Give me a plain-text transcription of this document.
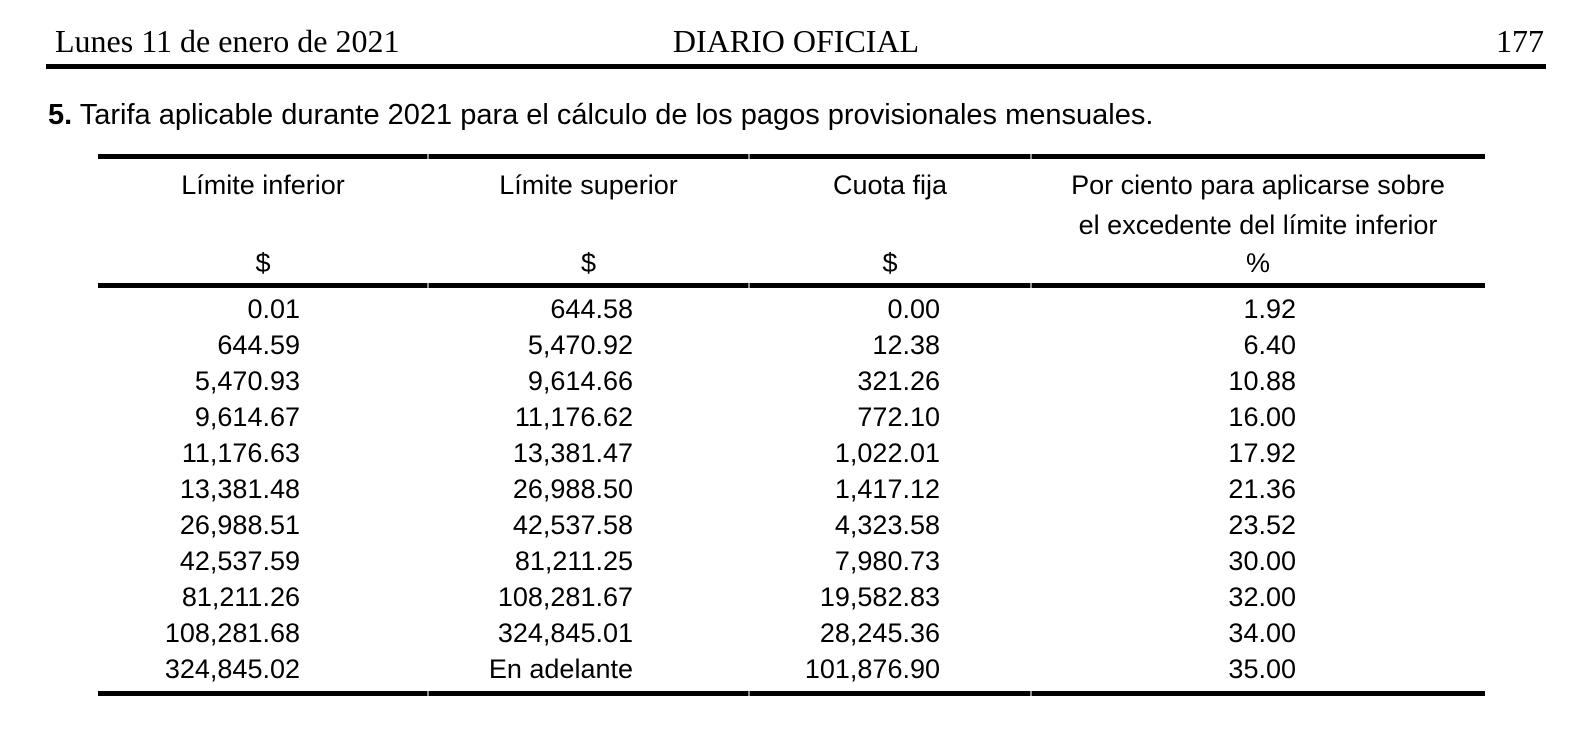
Lunes 11 de enero de 2021	DIARIO OFICIAL	177
5. Tarifa aplicable durante 2021 para el cálculo de los pagos provisionales mensuales.
Límite inferior	Límite superior	Cuota fija	Por ciento para aplicarse sobre el excedente del límite inferior
$	$	$	%
0.01	644.58	0.00	1.92
644.59	5,470.92	12.38	6.40
5,470.93	9,614.66	321.26	10.88
9,614.67	11,176.62	772.10	16.00
11,176.63	13,381.47	1,022.01	17.92
13,381.48	26,988.50	1,417.12	21.36
26,988.51	42,537.58	4,323.58	23.52
42,537.59	81,211.25	7,980.73	30.00
81,211.26	108,281.67	19,582.83	32.00
108,281.68	324,845.01	28,245.36	34.00
324,845.02	En adelante	101,876.90	35.00
